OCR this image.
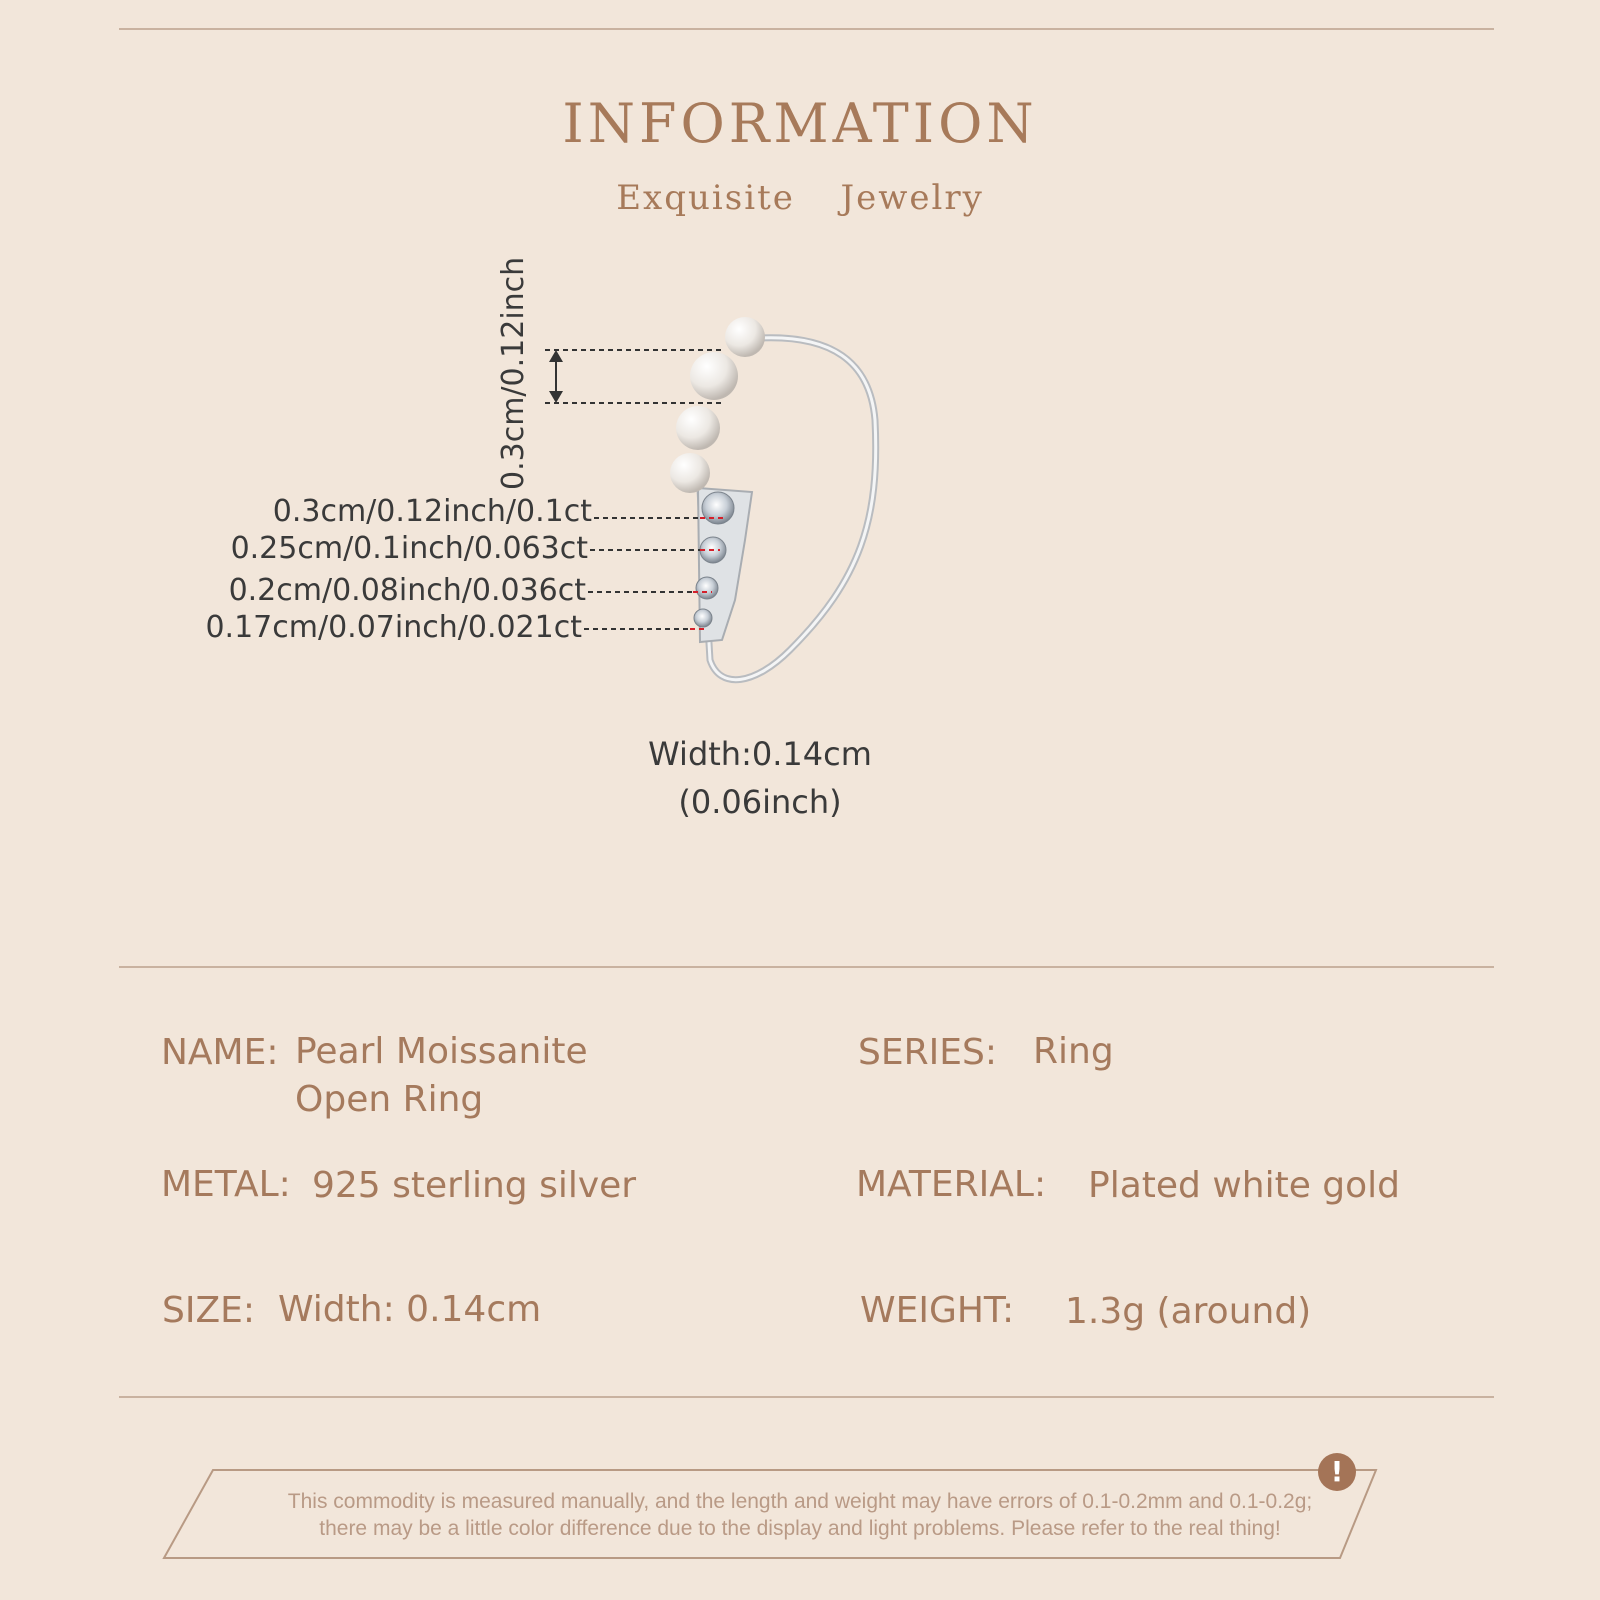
INFORMATION
Exquisite  Jewelry
0.3cm/0.12inch
0.3cm/0.12inch/0.1ct
0.25cm/0.1inch/0.063ct
0.2cm/0.08inch/0.036ct
0.17cm/0.07inch/0.021ct
Width:0.14cm
(0.06inch)
NAME: Pearl Moissanite
Open Ring
SERIES: Ring
METAL: 925 sterling silver	MATERIAL: Plated white gold
SIZE: Width: 0.14cm	WEIGHT: 1.3g (around)
!
This commodity is measured manually, and the length and weight may have errors of 0.1-0.2mm and 0.1-0.2g;
there may be a little color difference due to the display and light problems. Please refer to the real thing!
